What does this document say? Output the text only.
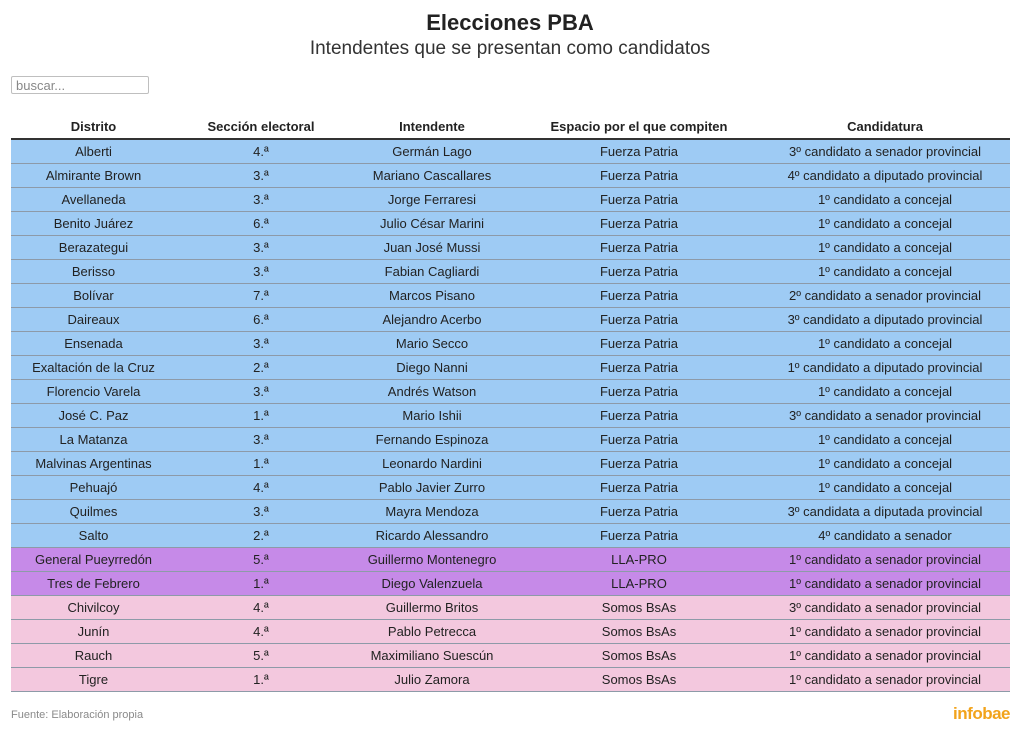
Elecciones PBA
Intendentes que se presentan como candidatos
buscar...
Distrito	Sección electoral	Intendente	Espacio por el que compiten	Candidatura
Alberti	4.ª	Germán Lago	Fuerza Patria	3º candidato a senador provincial
Almirante Brown	3.ª	Mariano Cascallares	Fuerza Patria	4º candidato a diputado provincial
Avellaneda	3.ª	Jorge Ferraresi	Fuerza Patria	1º candidato a concejal
Benito Juárez	6.ª	Julio César Marini	Fuerza Patria	1º candidato a concejal
Berazategui	3.ª	Juan José Mussi	Fuerza Patria	1º candidato a concejal
Berisso	3.ª	Fabian Cagliardi	Fuerza Patria	1º candidato a concejal
Bolívar	7.ª	Marcos Pisano	Fuerza Patria	2º candidato a senador provincial
Daireaux	6.ª	Alejandro Acerbo	Fuerza Patria	3º candidato a diputado provincial
Ensenada	3.ª	Mario Secco	Fuerza Patria	1º candidato a concejal
Exaltación de la Cruz	2.ª	Diego Nanni	Fuerza Patria	1º candidato a diputado provincial
Florencio Varela	3.ª	Andrés Watson	Fuerza Patria	1º candidato a concejal
José C. Paz	1.ª	Mario Ishii	Fuerza Patria	3º candidato a senador provincial
La Matanza	3.ª	Fernando Espinoza	Fuerza Patria	1º candidato a concejal
Malvinas Argentinas	1.ª	Leonardo Nardini	Fuerza Patria	1º candidato a concejal
Pehuajó	4.ª	Pablo Javier Zurro	Fuerza Patria	1º candidato a concejal
Quilmes	3.ª	Mayra Mendoza	Fuerza Patria	3º candidata a diputada provincial
Salto	2.ª	Ricardo Alessandro	Fuerza Patria	4º candidato a senador
General Pueyrredón	5.ª	Guillermo Montenegro	LLA-PRO	1º candidato a senador provincial
Tres de Febrero	1.ª	Diego Valenzuela	LLA-PRO	1º candidato a senador provincial
Chivilcoy	4.ª	Guillermo Britos	Somos BsAs	3º candidato a senador provincial
Junín	4.ª	Pablo Petrecca	Somos BsAs	1º candidato a senador provincial
Rauch	5.ª	Maximiliano Suescún	Somos BsAs	1º candidato a senador provincial
Tigre	1.ª	Julio Zamora	Somos BsAs	1º candidato a senador provincial
Fuente: Elaboración propia	infobae
